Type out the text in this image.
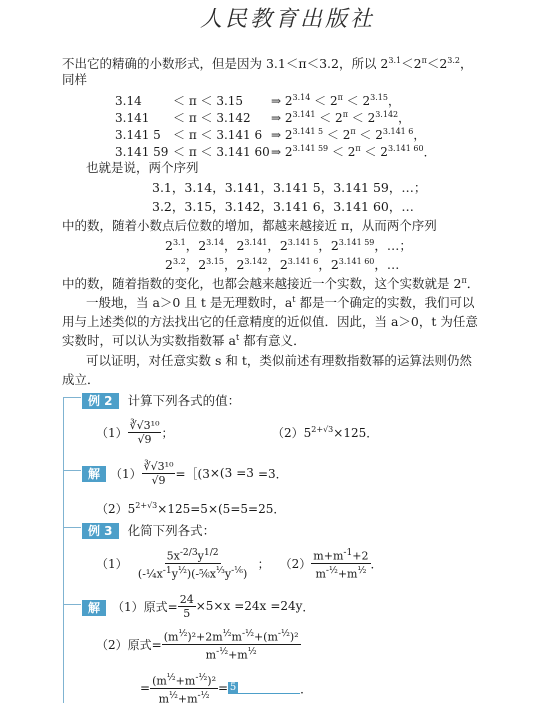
人民教育出版社
不出它的精确的小数形式，但是因为 3.1＜π＜3.2，所以 $2^{3.1}<2^\pi<2^{3.2}$，
同样
3.14	＜ π ＜ 3.15 ⇒ $2^{3.14} < 2^\pi < 2^{3.15}$，
3.141 ＜ π ＜ 3.142 ⇒ $2^{3.141} < 2^\pi < 2^{3.142}$，
3.141 5 ＜ π ＜ 3.141 6 ⇒ $2^{3.141 5} < 2^\pi < 2^{3.141 6}$，
3.141 59 ＜ π ＜ 3.141 60⇒ $2^{3.141 59} < 2^\pi < 2^{3.141 60}$．
也就是说，两个序列
3.1，3.14，3.141，3.141 5，3.141 59，…；
3.2，3.15，3.142，3.141 6，3.141 60，…
中的数，随着小数点后位数的增加，都越来越接近 π，从而两个序列
$2^{3.1}$，$2^{3.14}$，$2^{3.141}$，$2^{3.141 5}$，$2^{3.141 59}$，…；
$2^{3.2}$，$2^{3.15}$，$2^{3.142}$，$2^{3.141 6}$，$2^{3.141 60}$，…
中的数，随着指数的变化，也都会越来越接近一个实数，这个实数就是 $2^\pi$．
一般地，当 a＞0 且 t 是无理数时，$a^t$ 都是一个确定的实数，我们可以
用与上述类似的方法找出它的任意精度的近似值．因此，当 a＞0，t 为任意
实数时，可以认为实数指数幂 $a^t$ 都有意义．
可以证明，对任意实数 s 和 t，类似前述有理数指数幂的运算法则仍然
成立．
例 2 计算下列各式的值：
$(1) \frac{\text{∛√3¹⁰}}{√9}$ ；	$(2)5^{2+√3}\times 125$．
解 $(1) \frac{\text{∛√3¹⁰}}{√9}$ =［(3 ×(3 =3 =3．
$(2)5^{2+√3}\times 125=5\times(5=5=25$．
例 3 化简下列各式：
$(1) \frac{5x^{-2/3}y^{1/2}}{(-\frac{1}{4}x^{-1}y^{\frac{1}{2}})(-\frac{5}{6}x^{\frac{1}{3}}y^{-\frac{1}{6}})}$ ； $(2) \frac{m+m^{-1}+2}{m^{-\frac{1}{2}}+m^{\frac{1}{2}}}$ ．
解 （1）原式= $\frac{24}{5} \times 5\times x =24x =24y$ ．
（2）原式= $\frac{(m^{\frac{1}{2}})^2+2m^{\frac{1}{2}}m^{-\frac{1}{2}}+(m^{-\frac{1}{2}})^2}{m^{-\frac{1}{2}}+m^{\frac{1}{2}}}$
= $\frac{(m^{\frac{1}{2}}+m^{-\frac{1}{2}})^2}{m^{\frac{1}{2}}+m^{-\frac{1}{2}}} = 5$	．
